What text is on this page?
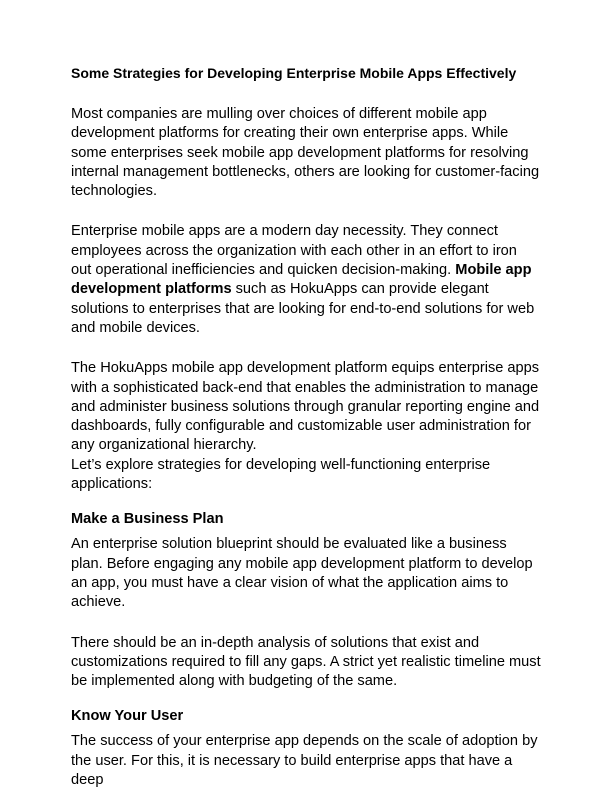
Some Strategies for Developing Enterprise Mobile Apps Effectively

Most companies are mulling over choices of different mobile app development platforms for creating their own enterprise apps. While some enterprises seek mobile app development platforms for resolving internal management bottlenecks, others are looking for customer-facing technologies.

Enterprise mobile apps are a modern day necessity. They connect employees across the organization with each other in an effort to iron out operational inefficiencies and quicken decision-making. Mobile app development platforms such as HokuApps can provide elegant solutions to enterprises that are looking for end-to-end solutions for web and mobile devices.

The HokuApps mobile app development platform equips enterprise apps with a sophisticated back-end that enables the administration to manage and administer business solutions through granular reporting engine and dashboards, fully configurable and customizable user administration for any organizational hierarchy.

Let’s explore strategies for developing well-functioning enterprise applications:

Make a Business Plan

An enterprise solution blueprint should be evaluated like a business plan. Before engaging any mobile app development platform to develop an app, you must have a clear vision of what the application aims to achieve.

There should be an in-depth analysis of solutions that exist and customizations required to fill any gaps. A strict yet realistic timeline must be implemented along with budgeting of the same.

Know Your User

The success of your enterprise app depends on the scale of adoption by the user. For this, it is necessary to build enterprise apps that have a deep
